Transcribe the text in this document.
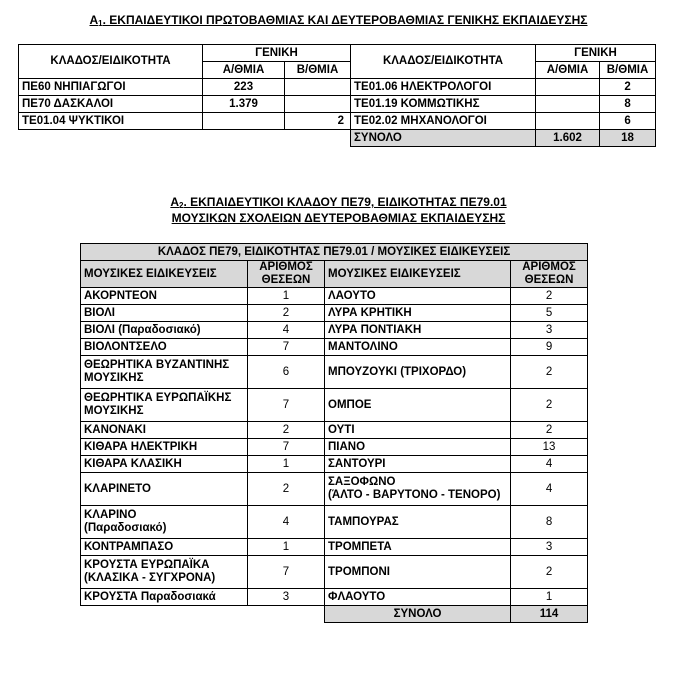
$A_1$. ΕΚΠΑΙΔΕΥΤΙΚΟΙ ΠΡΩΤΟΒΑΘΜΙΑΣ ΚΑΙ ΔΕΥΤΕΡΟΒΑΘΜΙΑΣ ΓΕΝΙΚΗΣ ΕΚΠΑΙΔΕΥΣΗΣ
ΚΛΑΔΟΣ/ΕΙΔΙΚΟΤΗΤΑ	ΓΕΝΙΚΗ		ΚΛΑΔΟΣ/ΕΙΔΙΚΟΤΗΤΑ	ΓΕΝΙΚΗ	
	Α/ΘΜΙΑ	Β/ΘΜΙΑ		Α/ΘΜΙΑ	Β/ΘΜΙΑ
ΠΕ60 ΝΗΠΙΑΓΩΓΟΙ	223		ΤΕ01.06 ΗΛΕΚΤΡΟΛΟΓΟΙ		2
ΠΕ70 ΔΑΣΚΑΛΟΙ	1.379		ΤΕ01.19 ΚΟΜΜΩΤΙΚΗΣ		8
ΤΕ01.04 ΨΥΚΤΙΚΟΙ		2	ΤΕ02.02 ΜΗΧΑΝΟΛΟΓΟΙ		6
			ΣΥΝΟΛΟ	1.602	18
$A_2$. ΕΚΠΑΙΔΕΥΤΙΚΟΙ ΚΛΑΔΟΥ ΠΕ79, ΕΙΔΙΚΟΤΗΤΑΣ ΠΕ79.01
ΜΟΥΣΙΚΩΝ ΣΧΟΛΕΙΩΝ ΔΕΥΤΕΡΟΒΑΘΜΙΑΣ ΕΚΠΑΙΔΕΥΣΗΣ
ΚΛΑΔΟΣ ΠΕ79, ΕΙΔΙΚΟΤΗΤΑΣ ΠΕ79.01 / ΜΟΥΣΙΚΕΣ ΕΙΔΙΚΕΥΣΕΙΣ			
ΜΟΥΣΙΚΕΣ ΕΙΔΙΚΕΥΣΕΙΣ	ΑΡΙΘΜΟΣ
ΘΕΣΕΩΝ	ΜΟΥΣΙΚΕΣ ΕΙΔΙΚΕΥΣΕΙΣ	ΑΡΙΘΜΟΣ
ΘΕΣΕΩΝ
ΑΚΟΡΝΤΕΟΝ	1	ΛΑΟΥΤΟ	2
ΒΙΟΛΙ	2	ΛΥΡΑ ΚΡΗΤΙΚΗ	5
ΒΙΟΛΙ (Παραδοσιακό)	4	ΛΥΡΑ ΠΟΝΤΙΑΚΗ	3
ΒΙΟΛΟΝΤΣΕΛΟ	7	ΜΑΝΤΟΛΙΝΟ	9
ΘΕΩΡΗΤΙΚΑ ΒΥΖΑΝΤΙΝΗΣ
ΜΟΥΣΙΚΗΣ	6	ΜΠΟΥΖΟΥΚΙ (ΤΡΙΧΟΡΔΟ)	2
ΘΕΩΡΗΤΙΚΑ ΕΥΡΩΠΑΪΚΗΣ
ΜΟΥΣΙΚΗΣ	7	ΟΜΠΟΕ	2
ΚΑΝΟΝΑΚΙ	2	ΟΥΤΙ	2
ΚΙΘΑΡΑ ΗΛΕΚΤΡΙΚΗ	7	ΠΙΑΝΟ	13
ΚΙΘΑΡΑ ΚΛΑΣΙΚΗ	1	ΣΑΝΤΟΥΡΙ	4
ΚΛΑΡΙΝΕΤΟ	2	ΣΑΞΟΦΩΝΟ
(ΆΛΤΟ - ΒΑΡΥΤΟΝΟ - ΤΕΝΟΡΟ)	4
ΚΛΑΡΙΝΟ
(Παραδοσιακό)	4	ΤΑΜΠΟΥΡΑΣ	8
ΚΟΝΤΡΑΜΠΑΣΟ	1	ΤΡΟΜΠΕΤΑ	3
ΚΡΟΥΣΤΑ ΕΥΡΩΠΑΪΚΑ
(ΚΛΑΣΙΚΑ - ΣΥΓΧΡΟΝΑ)	7	ΤΡΟΜΠΟΝΙ	2
ΚΡΟΥΣΤΑ Παραδοσιακά	3	ΦΛΑΟΥΤΟ	1
		ΣΥΝΟΛΟ	114
